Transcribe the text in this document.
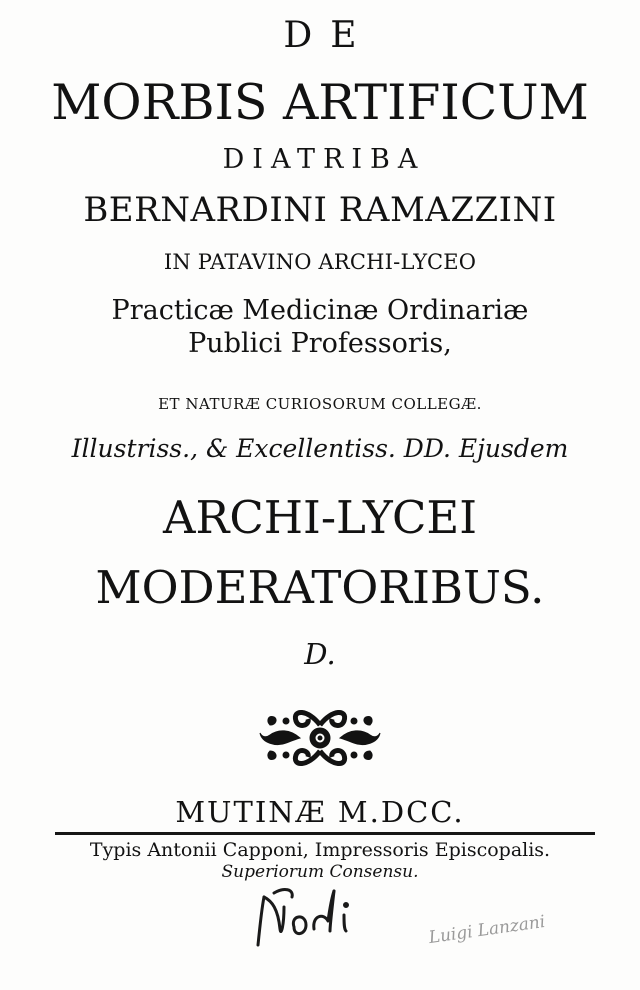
DE
MORBIS ARTIFICUM
DIATRIBA
BERNARDINI RAMAZZINI
IN PATAVINO ARCHI-LYCEO
Practicæ Medicinæ Ordinariæ
Publici Professoris,
ET NATURÆ CURIOSORUM COLLEGÆ.
Illustriss., & Excellentiss. DD. Ejusdem
ARCHI-LYCEI
MODERATORIBUS.
D.
MUTINÆ M.DCC.
Typis Antonii Capponi, Impressoris Episcopalis.
Superiorum Consensu.
Luigi Lanzani
